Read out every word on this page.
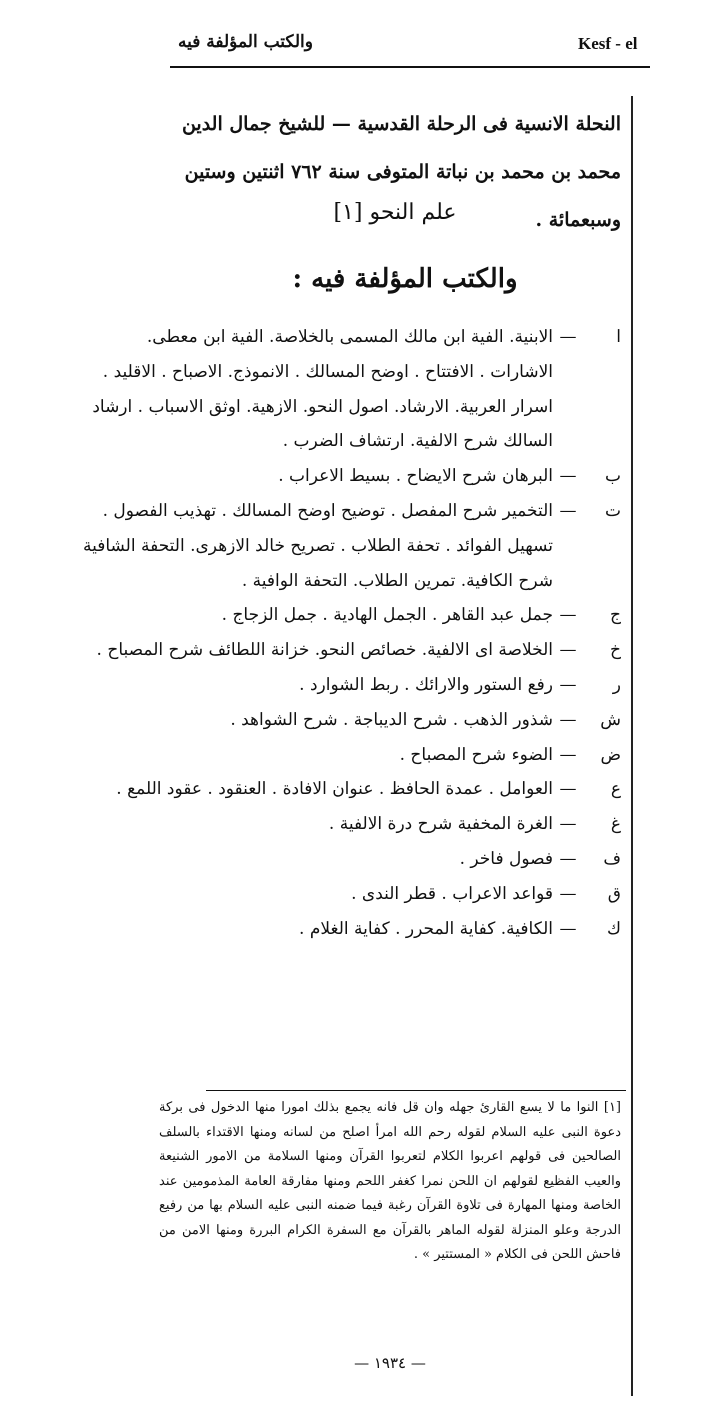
والكتب المؤلفة فيه	Kesf - el
النحلة الانسية فى الرحلة القدسية — للشيخ جمال الدين
محمد بن محمد بن نباتة المتوفى سنة ٧٦٢ اثنتين وستين وسبعمائة .
علم النحو [١]
والكتب المؤلفة فيه :
ا
—
الابنية. الفية ابن مالك المسمى بالخلاصة. الفية ابن معطى. الاشارات . الافتتاح . اوضح المسالك . الانموذج. الاصباح . الاقليد . اسرار العربية. الارشاد. اصول النحو. الازهية. اوثق الاسباب . ارشاد السالك شرح الالفية. ارتشاف الضرب .
ب
—
البرهان شرح الايضاح . بسيط الاعراب .
ت
—
التخمير شرح المفصل . توضيح اوضح المسالك . تهذيب الفصول . تسهيل الفوائد . تحفة الطلاب . تصريح خالد الازهرى. التحفة الشافية شرح الكافية. تمرين الطلاب. التحفة الوافية .
ج
—
جمل عبد القاهر . الجمل الهادية . جمل الزجاج .
خ
—
الخلاصة اى الالفية. خصائص النحو. خزانة اللطائف شرح المصباح .
ر
—
رفع الستور والارائك . ربط الشوارد .
ش
—
شذور الذهب . شرح الديباجة . شرح الشواهد .
ض
—
الضوء شرح المصباح .
ع
—
العوامل . عمدة الحافظ . عنوان الافادة . العنقود . عقود اللمع .
غ
—
الغرة المخفية شرح درة الالفية .
ف
—
فصول فاخر .
ق
—
قواعد الاعراب . قطر الندى .
ك
—
الكافية. كفاية المحرر . كفاية الغلام .
[١] النوا ما لا يسع القارئ جهله وان قل فانه يجمع بذلك امورا منها الدخول فى بركة دعوة النبى عليه السلام لقوله رحم الله امرأ اصلح من لسانه ومنها الاقتداء بالسلف الصالحين فى قولهم اعربوا الكلام لتعربوا القرآن ومنها السلامة من الامور الشنيعة والعيب الفظيع لقولهم ان اللحن نمرا كغفر اللحم ومنها مفارقة العامة المذمومين عند الخاصة ومنها المهارة فى تلاوة القرآن رغبة فيما ضمنه النبى عليه السلام بها من رفيع الدرجة وعلو المنزلة لقوله الماهر بالقرآن مع السفرة الكرام البررة ومنها الامن من فاحش اللحن فى الكلام « المستتير » .
— ١٩٣٤ —
